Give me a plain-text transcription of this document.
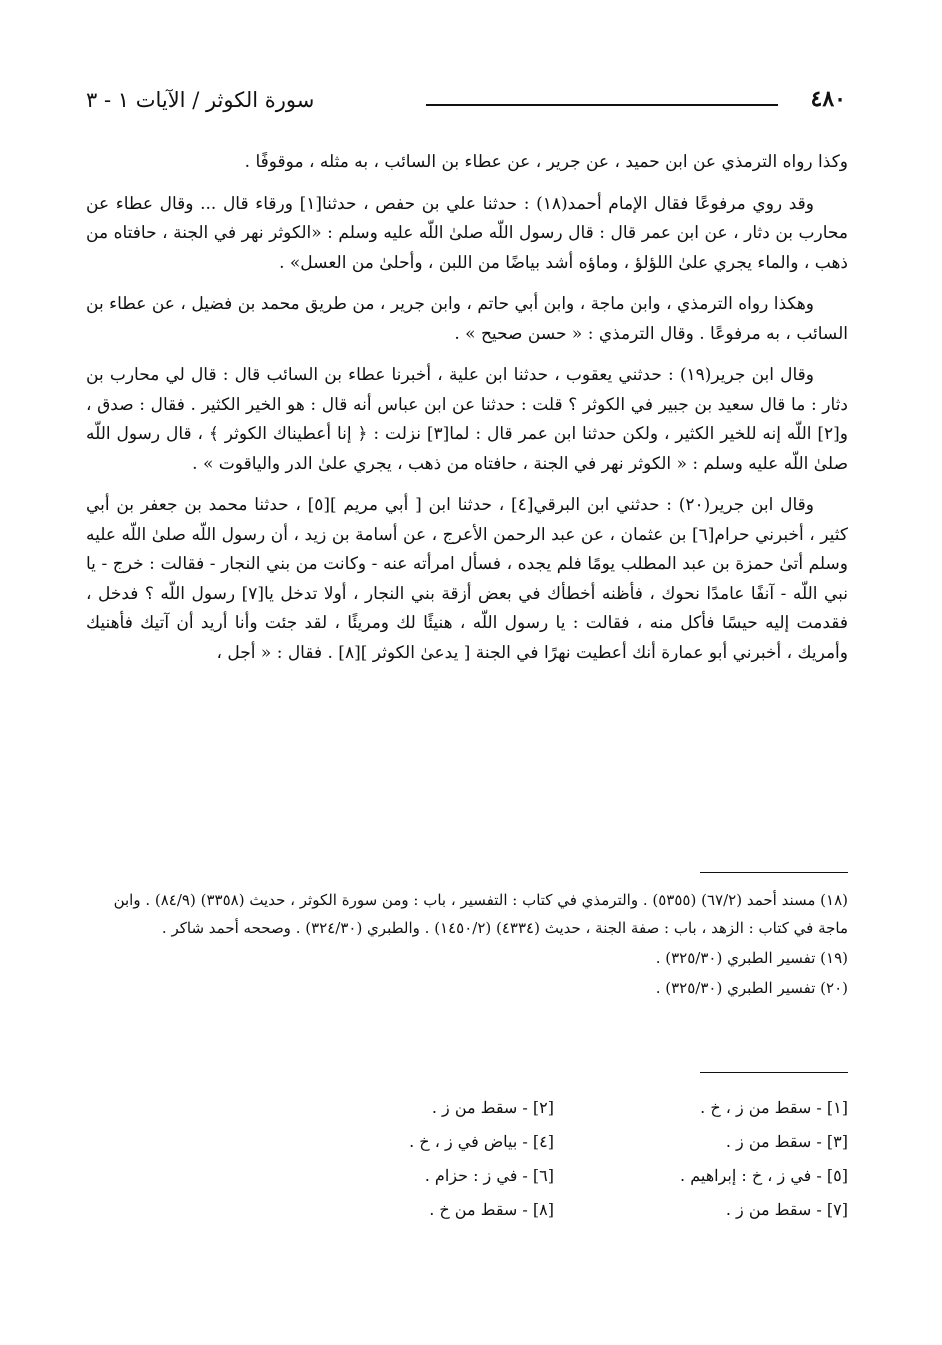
سورة الكوثر / الآيات ١ - ٣	٤٨٠

وكذا رواه الترمذي عن ابن حميد ، عن جرير ، عن عطاء بن السائب ، به مثله ، موقوفًا .

وقد روي مرفوعًا فقال الإمام أحمد(١٨) : حدثنا علي بن حفص ، حدثنا[١] ورقاء قال ... وقال عطاء عن محارب بن دثار ، عن ابن عمر قال : قال رسول اللّه صلىٰ اللّه عليه وسلم : «الكوثر نهر في الجنة ، حافتاه من ذهب ، والماء يجري علىٰ اللؤلؤ ، وماؤه أشد بياضًا من اللبن ، وأحلىٰ من العسل» .

وهكذا رواه الترمذي ، وابن ماجة ، وابن أبي حاتم ، وابن جرير ، من طريق محمد بن فضيل ، عن عطاء بن السائب ، به مرفوعًا . وقال الترمذي : « حسن صحيح » .

وقال ابن جرير(١٩) : حدثني يعقوب ، حدثنا ابن علية ، أخبرنا عطاء بن السائب قال : قال لي محارب بن دثار : ما قال سعيد بن جبير في الكوثر ؟ قلت : حدثنا عن ابن عباس أنه قال : هو الخير الكثير . فقال : صدق ، و[٢] اللّه إنه للخير الكثير ، ولكن حدثنا ابن عمر قال : لما[٣] نزلت : ﴿ إنا أعطيناك الكوثر ﴾ ، قال رسول اللّه صلىٰ اللّه عليه وسلم : « الكوثر نهر في الجنة ، حافتاه من ذهب ، يجري علىٰ الدر والياقوت » .

وقال ابن جرير(٢٠) : حدثني ابن البرقي[٤] ، حدثنا ابن [ أبي مريم ][٥] ، حدثنا محمد بن جعفر بن أبي كثير ، أخبرني حرام[٦] بن عثمان ، عن عبد الرحمن الأعرج ، عن أسامة بن زيد ، أن رسول اللّه صلىٰ اللّه عليه وسلم أتىٰ حمزة بن عبد المطلب يومًا فلم يجده ، فسأل امرأته عنه - وكانت من بني النجار - فقالت : خرج - يا نبي اللّه - آنفًا عامدًا نحوك ، فأظنه أخطأك في بعض أزقة بني النجار ، أولا تدخل يا[٧] رسول اللّه ؟ فدخل ، فقدمت إليه حيسًا فأكل منه ، فقالت : يا رسول اللّه ، هنيئًا لك ومريئًا ، لقد جئت وأنا أريد أن آتيك فأهنيك وأمريك ، أخبرني أبو عمارة أنك أعطيت نهرًا في الجنة [ يدعىٰ الكوثر ][٨] . فقال : « أجل ،

(١٨) مسند أحمد (٦٧/٢) (٥٣٥٥) . والترمذي في كتاب : التفسير ، باب : ومن سورة الكوثر ، حديث (٣٣٥٨) (٨٤/٩) . وابن ماجة في كتاب : الزهد ، باب : صفة الجنة ، حديث (٤٣٣٤) (١٤٥٠/٢) . والطبري (٣٢٤/٣٠) . وصححه أحمد شاكر .

(١٩) تفسير الطبري (٣٢٥/٣٠) .

(٢٠) تفسير الطبري (٣٢٥/٣٠) .

[١] - سقط من ز ، خ .
[٢] - سقط من ز .
[٣] - سقط من ز .
[٤] - بياض في ز ، خ .
[٥] - في ز ، خ : إبراهيم .
[٦] - في ز : حزام .
[٧] - سقط من ز .
[٨] - سقط من خ .
